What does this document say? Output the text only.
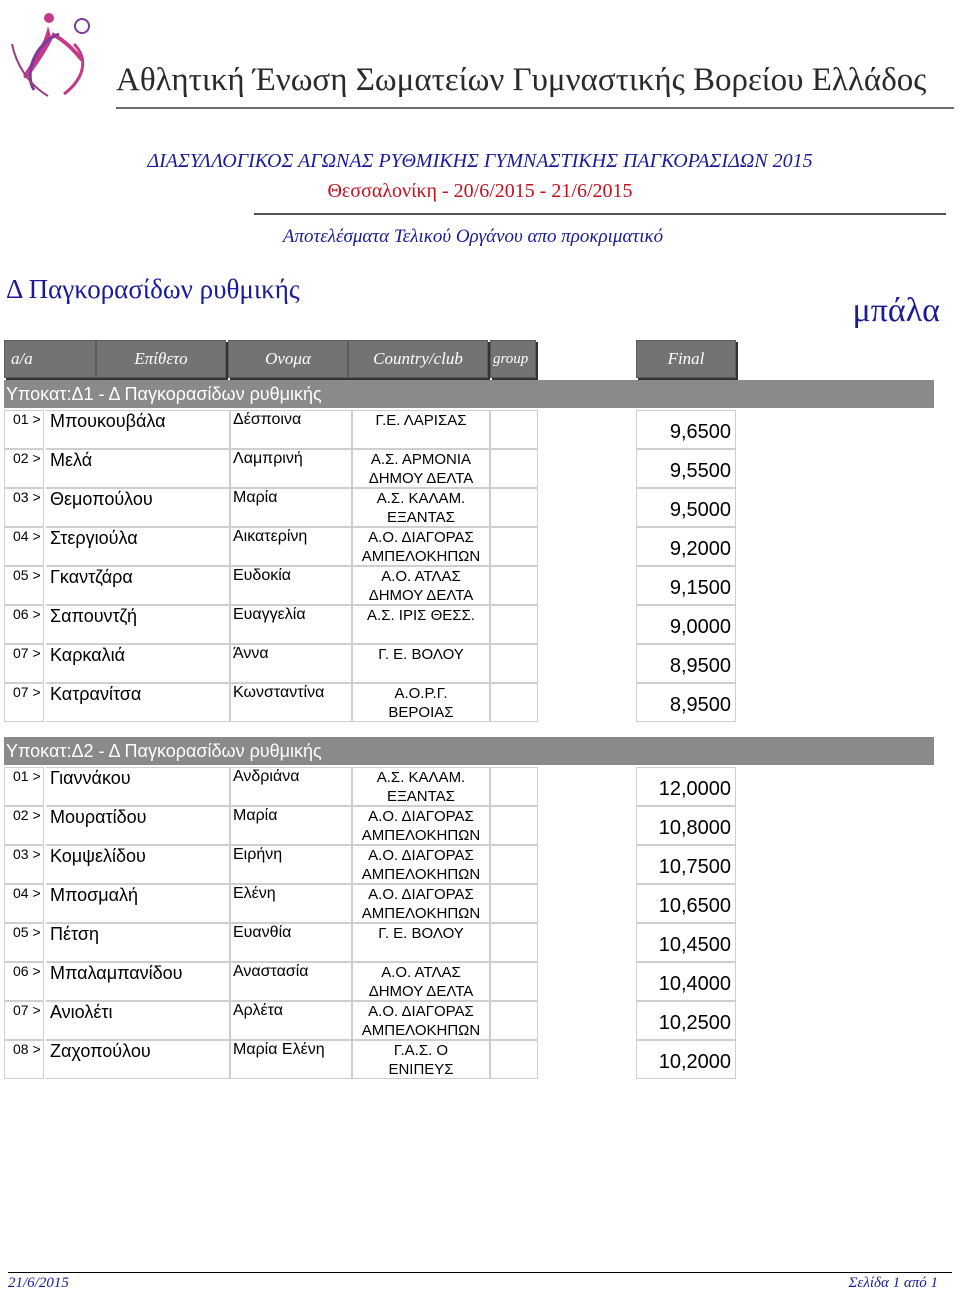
Αθλητική Ένωση Σωματείων Γυμναστικής Βορείου Ελλάδος
ΔΙΑΣΥΛΛΟΓΙΚΟΣ ΑΓΩΝΑΣ ΡΥΘΜΙΚΗΣ ΓΥΜΝΑΣΤΙΚΗΣ ΠΑΓΚΟΡΑΣΙΔΩΝ 2015
Θεσσαλονίκη - 20/6/2015 - 21/6/2015
Αποτελέσματα Τελικού Οργάνου απο προκριματικό
Δ Παγκορασίδων ρυθμικής
μπάλα
a/a	Επίθετο	Ονομα	Country/club	group	Final
Υποκατ:Δ1 - Δ Παγκορασίδων ρυθμικής
01 > Μπουκουβάλα	Δέσποινα	Γ.Ε. ΛΑΡΙΣΑΣ
9,6500
02 > Μελά	Λαμπρινή	Α.Σ. ΑΡΜΟΝΙΑ
ΔΗΜΟΥ ΔΕΛΤΑ	9,5500
03 > Θεμοπούλου	Μαρία	Α.Σ. ΚΑΛΑΜ.
ΕΞΑΝΤΑΣ	9,5000
04 > Στεργιούλα	Αικατερίνη	Α.Ο. ΔΙΑΓΟΡΑΣ
ΑΜΠΕΛΟΚΗΠΩΝ	9,2000
05 > Γκαντζάρα	Ευδοκία	Α.Ο. ΑΤΛΑΣ
ΔΗΜΟΥ ΔΕΛΤΑ	9,1500
06 > Σαπουντζή	Ευαγγελία	Α.Σ. ΙΡΙΣ ΘΕΣΣ.
9,0000
07 > Καρκαλιά	Άννα	Γ. Ε. ΒΟΛΟΥ
8,9500
07 > Κατρανίτσα	Κωνσταντίνα	Α.Ο.Ρ.Γ.
ΒΕΡΟΙΑΣ	8,9500
Υποκατ:Δ2 - Δ Παγκορασίδων ρυθμικής
01 > Γιαννάκου	Ανδριάνα	Α.Σ. ΚΑΛΑΜ.
ΕΞΑΝΤΑΣ	12,0000
02 > Μουρατίδου	Μαρία	Α.Ο. ΔΙΑΓΟΡΑΣ
ΑΜΠΕΛΟΚΗΠΩΝ	10,8000
03 > Κομψελίδου	Ειρήνη	Α.Ο. ΔΙΑΓΟΡΑΣ
ΑΜΠΕΛΟΚΗΠΩΝ	10,7500
04 > Μποσμαλή	Ελένη	Α.Ο. ΔΙΑΓΟΡΑΣ
ΑΜΠΕΛΟΚΗΠΩΝ	10,6500
05 > Πέτση	Ευανθία	Γ. Ε. ΒΟΛΟΥ
10,4500
06 > Μπαλαμπανίδου	Αναστασία	Α.Ο. ΑΤΛΑΣ
ΔΗΜΟΥ ΔΕΛΤΑ	10,4000
07 > Ανιολέτι	Αρλέτα	Α.Ο. ΔΙΑΓΟΡΑΣ
ΑΜΠΕΛΟΚΗΠΩΝ	10,2500
08 > Ζαχοπούλου	Μαρία Ελένη	Γ.Α.Σ. Ο
ΕΝΙΠΕΥΣ	10,2000
21/6/2015	Σελίδα 1 από 1
